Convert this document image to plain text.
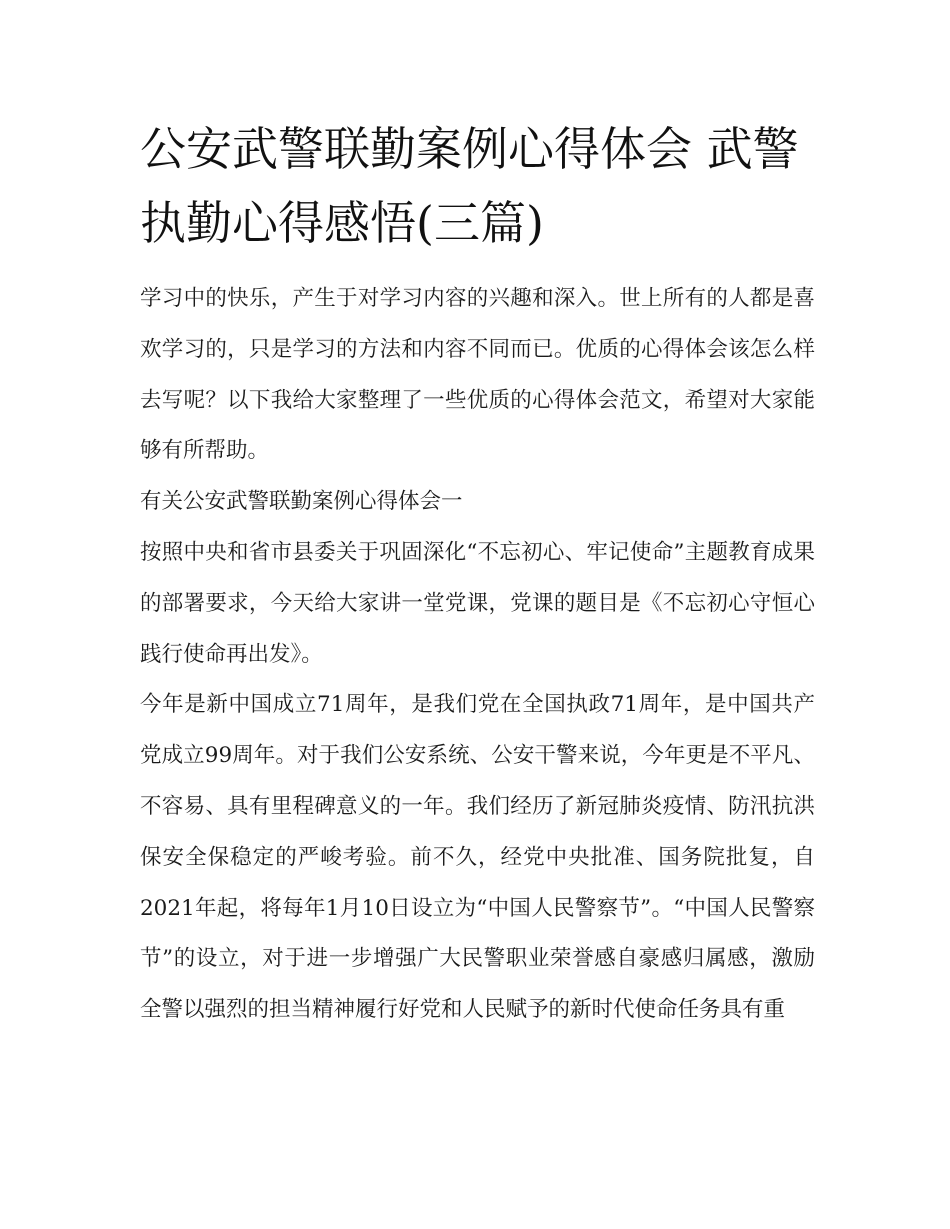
公安武警联勤案例心得体会 武警执勤心得感悟(三篇)

学习中的快乐，产生于对学习内容的兴趣和深入。世上所有的人都是喜欢学习的，只是学习的方法和内容不同而已。优质的心得体会该怎么样去写呢？以下我给大家整理了一些优质的心得体会范文，希望对大家能够有所帮助。

有关公安武警联勤案例心得体会一

按照中央和省市县委关于巩固深化“不忘初心、牢记使命”主题教育成果的部署要求，今天给大家讲一堂党课，党课的题目是《不忘初心守恒心 践行使命再出发》。

今年是新中国成立71周年，是我们党在全国执政71周年，是中国共产党成立99周年。对于我们公安系统、公安干警来说，今年更是不平凡、不容易、具有里程碑意义的一年。我们经历了新冠肺炎疫情、防汛抗洪保安全保稳定的严峻考验。前不久，经党中央批准、国务院批复，自2021年起，将每年1月10日设立为“中国人民警察节”。“中国人民警察节”的设立，对于进一步增强广大民警职业荣誉感自豪感归属感，激励全警以强烈的担当精神履行好党和人民赋予的新时代使命任务具有重
